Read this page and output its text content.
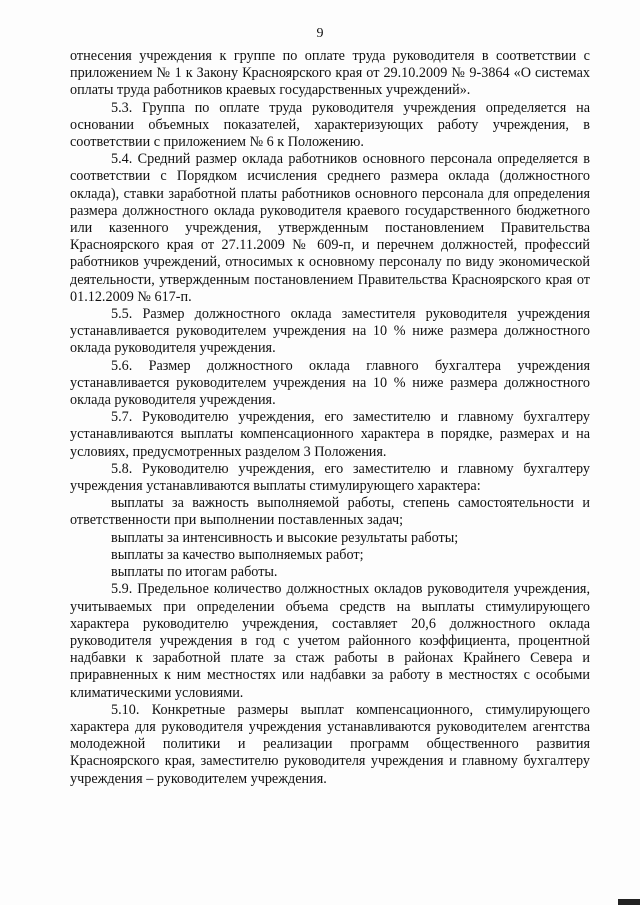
9

отнесения учреждения к группе по оплате труда руководителя в соответствии с приложением № 1 к Закону Красноярского края от 29.10.2009 № 9-3864 «О системах оплаты труда работников краевых государственных учреждений».

5.3. Группа по оплате труда руководителя учреждения определяется на основании объемных показателей, характеризующих работу учреждения, в соответствии с приложением № 6 к Положению.

5.4. Средний размер оклада работников основного персонала определяется в соответствии с Порядком исчисления среднего размера оклада (должностного оклада), ставки заработной платы работников основного персонала для определения размера должностного оклада руководителя краевого государственного бюджетного или казенного учреждения, утвержденным постановлением Правительства Красноярского края от 27.11.2009 № 609-п, и перечнем должностей, профессий работников учреждений, относимых к основному персоналу по виду экономической деятельности, утвержденным постановлением Правительства Красноярского края от 01.12.2009 № 617-п.

5.5. Размер должностного оклада заместителя руководителя учреждения устанавливается руководителем учреждения на 10 % ниже размера должностного оклада руководителя учреждения.

5.6. Размер должностного оклада главного бухгалтера учреждения устанавливается руководителем учреждения на 10 % ниже размера должностного оклада руководителя учреждения.

5.7. Руководителю учреждения, его заместителю и главному бухгалтеру устанавливаются выплаты компенсационного характера в порядке, размерах и на условиях, предусмотренных разделом 3 Положения.

5.8. Руководителю учреждения, его заместителю и главному бухгалтеру учреждения устанавливаются выплаты стимулирующего характера:

выплаты за важность выполняемой работы, степень самостоятельности и ответственности при выполнении поставленных задач;

выплаты за интенсивность и высокие результаты работы;

выплаты за качество выполняемых работ;

выплаты по итогам работы.

5.9. Предельное количество должностных окладов руководителя учреждения, учитываемых при определении объема средств на выплаты стимулирующего характера руководителю учреждения, составляет 20,6 должностного оклада руководителя учреждения в год с учетом районного коэффициента, процентной надбавки к заработной плате за стаж работы в районах Крайнего Севера и приравненных к ним местностях или надбавки за работу в местностях с особыми климатическими условиями.

5.10. Конкретные размеры выплат компенсационного, стимулирующего характера для руководителя учреждения устанавливаются руководителем агентства молодежной политики и реализации программ общественного развития Красноярского края, заместителю руководителя учреждения и главному бухгалтеру учреждения – руководителем учреждения.
